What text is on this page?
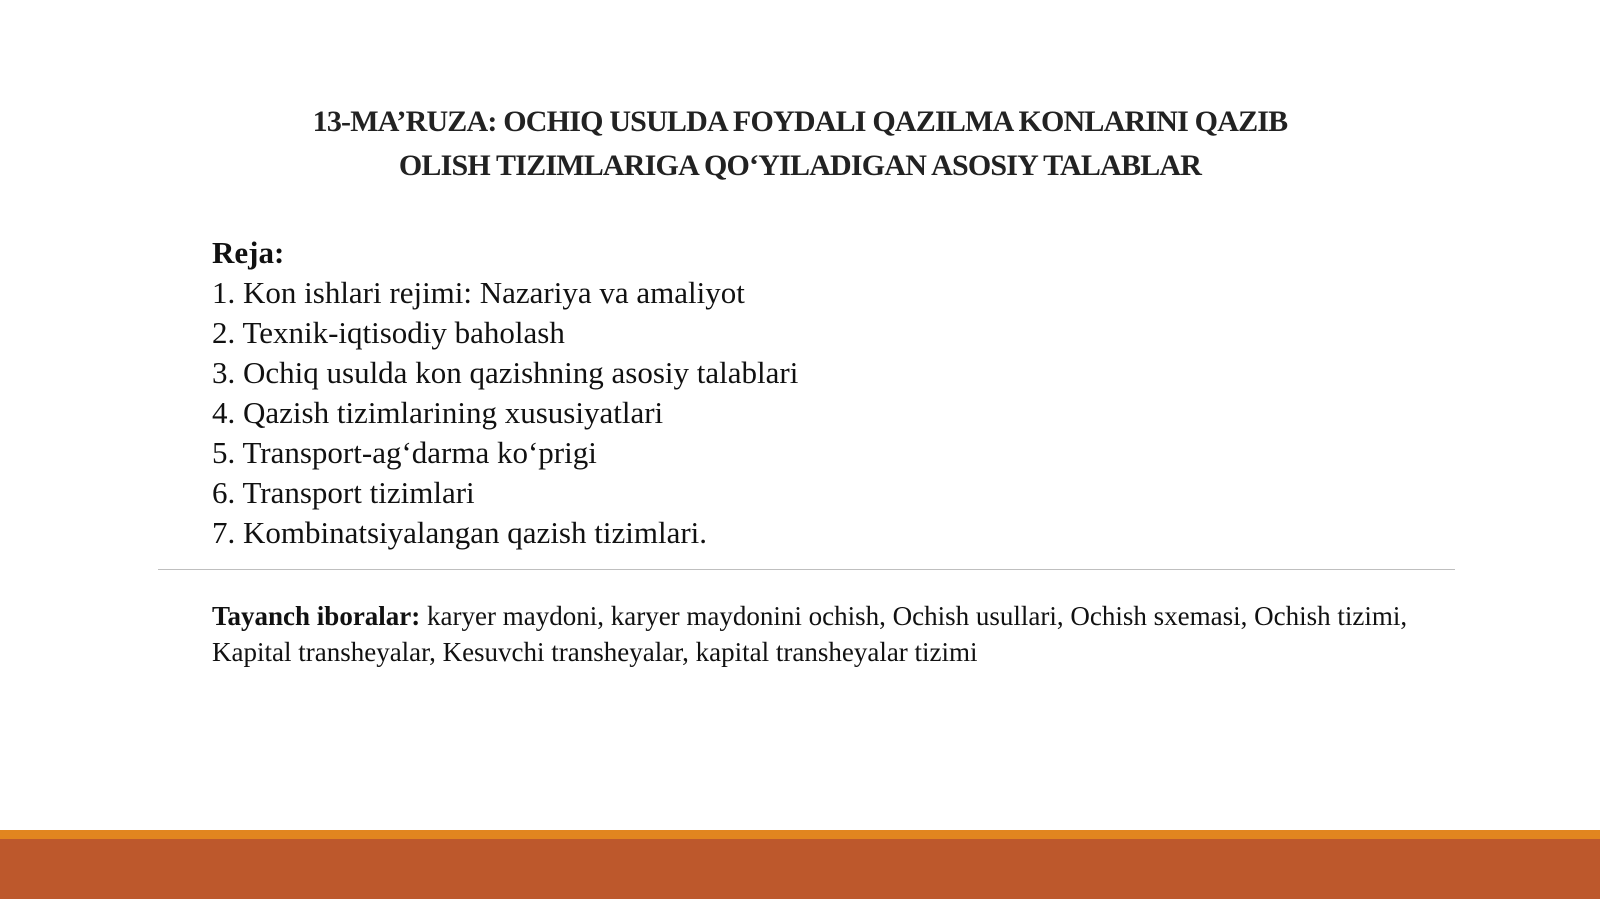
13-MA’RUZA: OCHIQ USULDA FOYDALI QAZILMA KONLARINI QAZIB
OLISH TIZIMLARIGA QO‘YILADIGAN ASOSIY TALABLAR
Reja:
1. Kon ishlari rejimi: Nazariya va amaliyot
2. Texnik-iqtisodiy baholash
3. Ochiq usulda kon qazishning asosiy talablari
4. Qazish tizimlarining xususiyatlari
5. Transport-ag‘darma ko‘prigi
6. Transport tizimlari
7. Kombinatsiyalangan qazish tizimlari.
Tayanch iboralar: karyer maydoni, karyer maydonini ochish, Ochish usullari, Ochish sxemasi, Ochish tizimi, Kapital transheyalar, Kesuvchi transheyalar, kapital transheyalar tizimi
